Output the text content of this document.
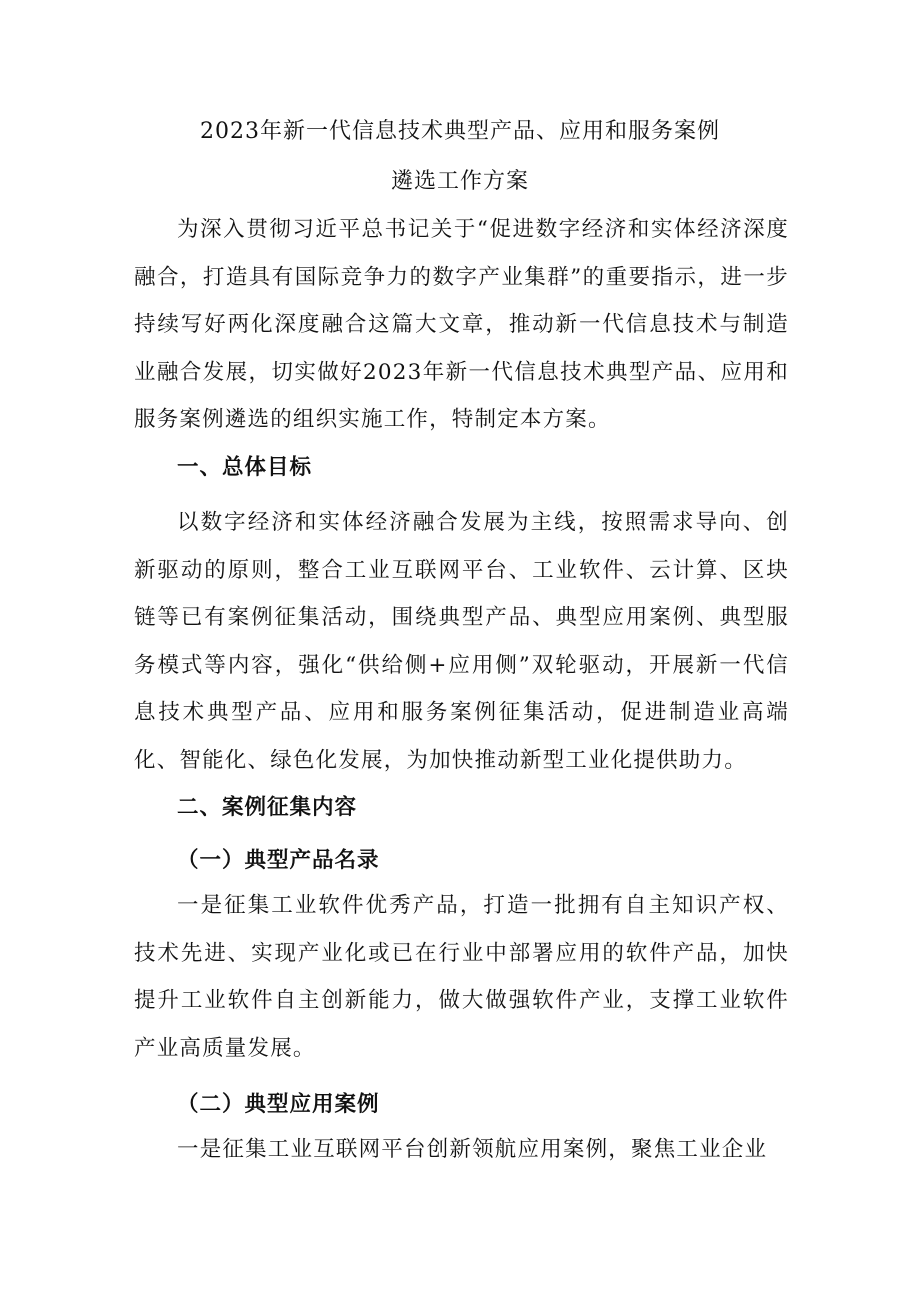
2023年新一代信息技术典型产品、应用和服务案例
遴选工作方案

为深入贯彻习近平总书记关于“促进数字经济和实体经济深度融合，打造具有国际竞争力的数字产业集群”的重要指示，进一步持续写好两化深度融合这篇大文章，推动新一代信息技术与制造业融合发展，切实做好2023年新一代信息技术典型产品、应用和服务案例遴选的组织实施工作，特制定本方案。

一、总体目标

以数字经济和实体经济融合发展为主线，按照需求导向、创新驱动的原则，整合工业互联网平台、工业软件、云计算、区块链等已有案例征集活动，围绕典型产品、典型应用案例、典型服务模式等内容，强化“供给侧+应用侧”双轮驱动，开展新一代信息技术典型产品、应用和服务案例征集活动，促进制造业高端化、智能化、绿色化发展，为加快推动新型工业化提供助力。

二、案例征集内容
（一）典型产品名录

一是征集工业软件优秀产品，打造一批拥有自主知识产权、技术先进、实现产业化或已在行业中部署应用的软件产品，加快提升工业软件自主创新能力，做大做强软件产业，支撑工业软件产业高质量发展。

（二）典型应用案例

一是征集工业互联网平台创新领航应用案例，聚焦工业企业
